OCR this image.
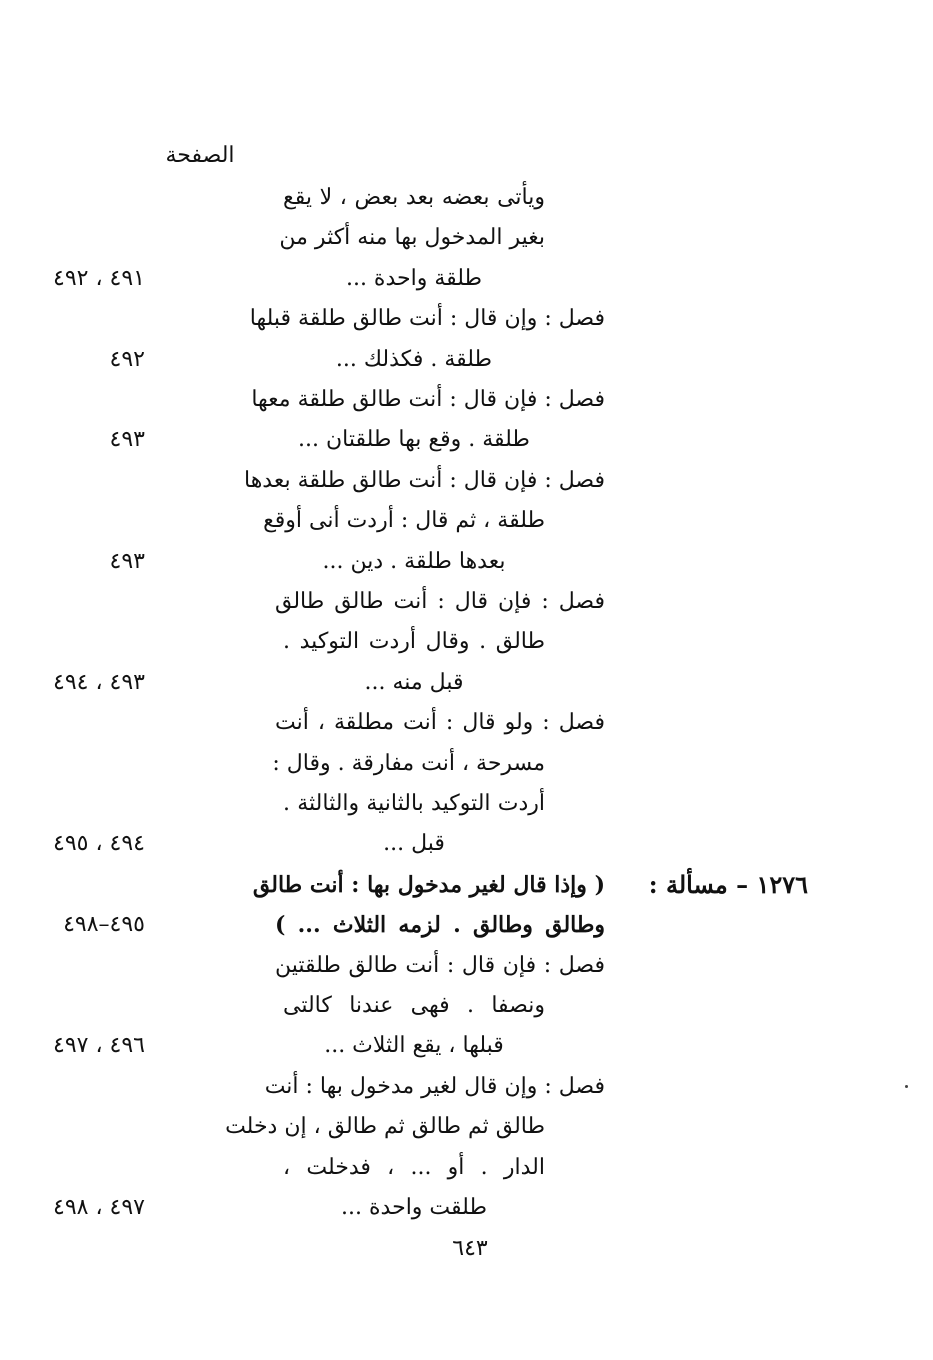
الصفحة
ويأتى بعضه بعد بعض ، لا يقع
بغير المدخول بها منه أكثر من
طلقة واحدة ...
٤٩١ ، ٤٩٢
فصل : وإن قال : أنت طالق طلقة قبلها
طلقة . فكذلك ...
٤٩٢
فصل : فإن قال : أنت طالق طلقة معها
طلقة . وقع بها طلقتان ...
٤٩٣
فصل : فإن قال : أنت طالق طلقة بعدها
طلقة ، ثم قال : أردت أنى أوقع
بعدها طلقة . دين ...
٤٩٣
فصل : فإن قال : أنت طالق طالق
طالق . وقال أردت التوكيد .
قبل منه ...
٤٩٣ ، ٤٩٤
فصل : ولو قال : أنت مطلقة ، أنت
مسرحة ، أنت مفارقة . وقال :
أردت التوكيد بالثانية والثالثة .
قبل ...
٤٩٤ ، ٤٩٥
( وإذا قال لغير مدخول بها : أنت طالق ١٢٧٦ – مسألة :
وطالق وطالق . لزمه الثلاث ... )
٤٩٥–٤٩٨
فصل : فإن قال : أنت طالق طلقتين
ونصفا . فهى عندنا كالتى
قبلها ، يقع الثلاث ...
٤٩٦ ، ٤٩٧
فصل : وإن قال لغير مدخول بها : أنت
طالق ثم طالق ثم طالق ، إن دخلت
الدار . أو ... ، فدخلت ،
طلقت واحدة ...
٤٩٧ ، ٤٩٨
٦٤٣
